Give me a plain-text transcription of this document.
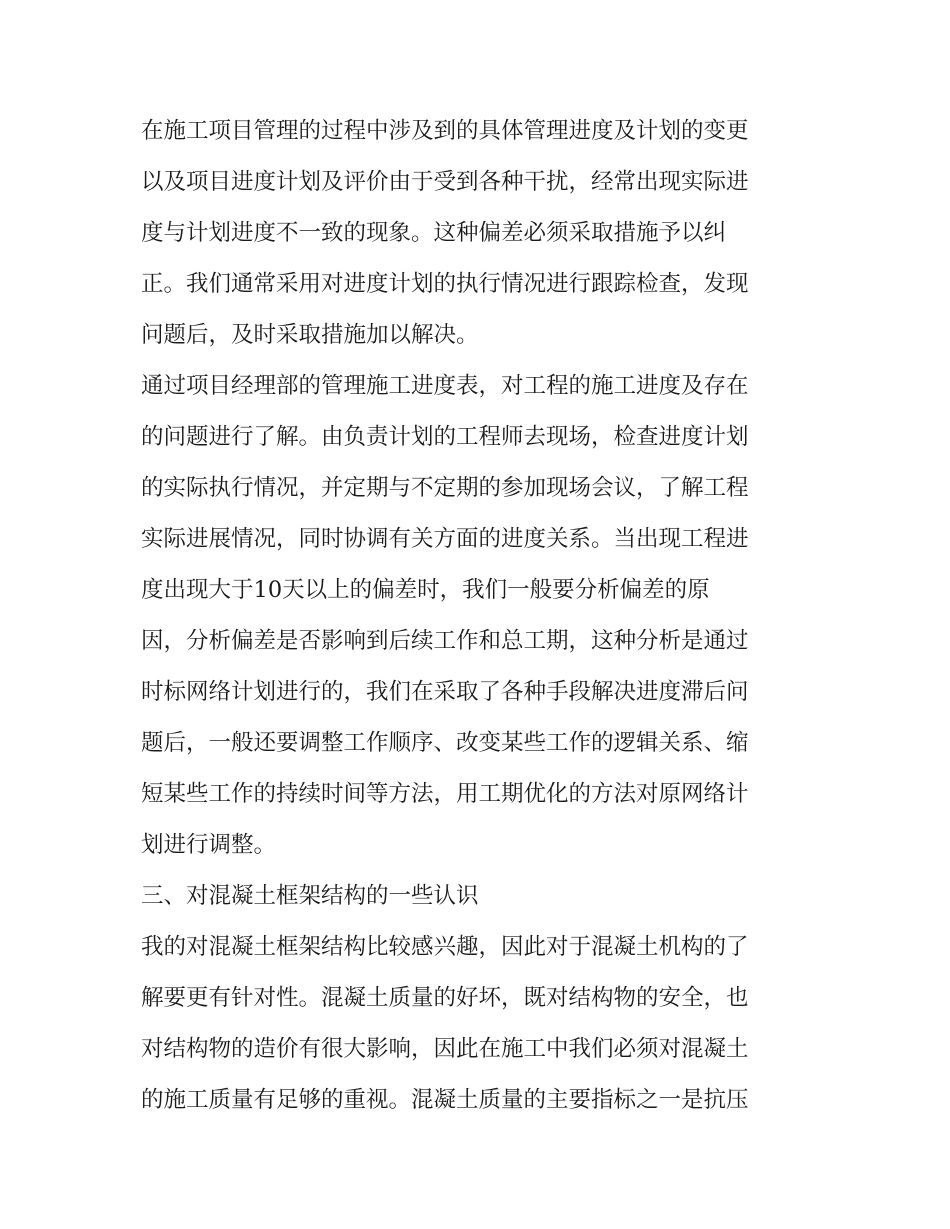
在施工项目管理的过程中涉及到的具体管理进度及计划的变更
以及项目进度计划及评价由于受到各种干扰，经常出现实际进
度与计划进度不一致的现象。这种偏差必须采取措施予以纠
正。我们通常采用对进度计划的执行情况进行跟踪检查，发现
问题后，及时采取措施加以解决。
通过项目经理部的管理施工进度表，对工程的施工进度及存在
的问题进行了解。由负责计划的工程师去现场，检查进度计划
的实际执行情况，并定期与不定期的参加现场会议，了解工程
实际进展情况，同时协调有关方面的进度关系。当出现工程进
度出现大于10天以上的偏差时，我们一般要分析偏差的原
因，分析偏差是否影响到后续工作和总工期，这种分析是通过
时标网络计划进行的，我们在采取了各种手段解决进度滞后问
题后，一般还要调整工作顺序、改变某些工作的逻辑关系、缩
短某些工作的持续时间等方法，用工期优化的方法对原网络计
划进行调整。
三、对混凝土框架结构的一些认识
我的对混凝土框架结构比较感兴趣，因此对于混凝土机构的了
解要更有针对性。混凝土质量的好坏，既对结构物的安全，也
对结构物的造价有很大影响，因此在施工中我们必须对混凝土
的施工质量有足够的重视。混凝土质量的主要指标之一是抗压
